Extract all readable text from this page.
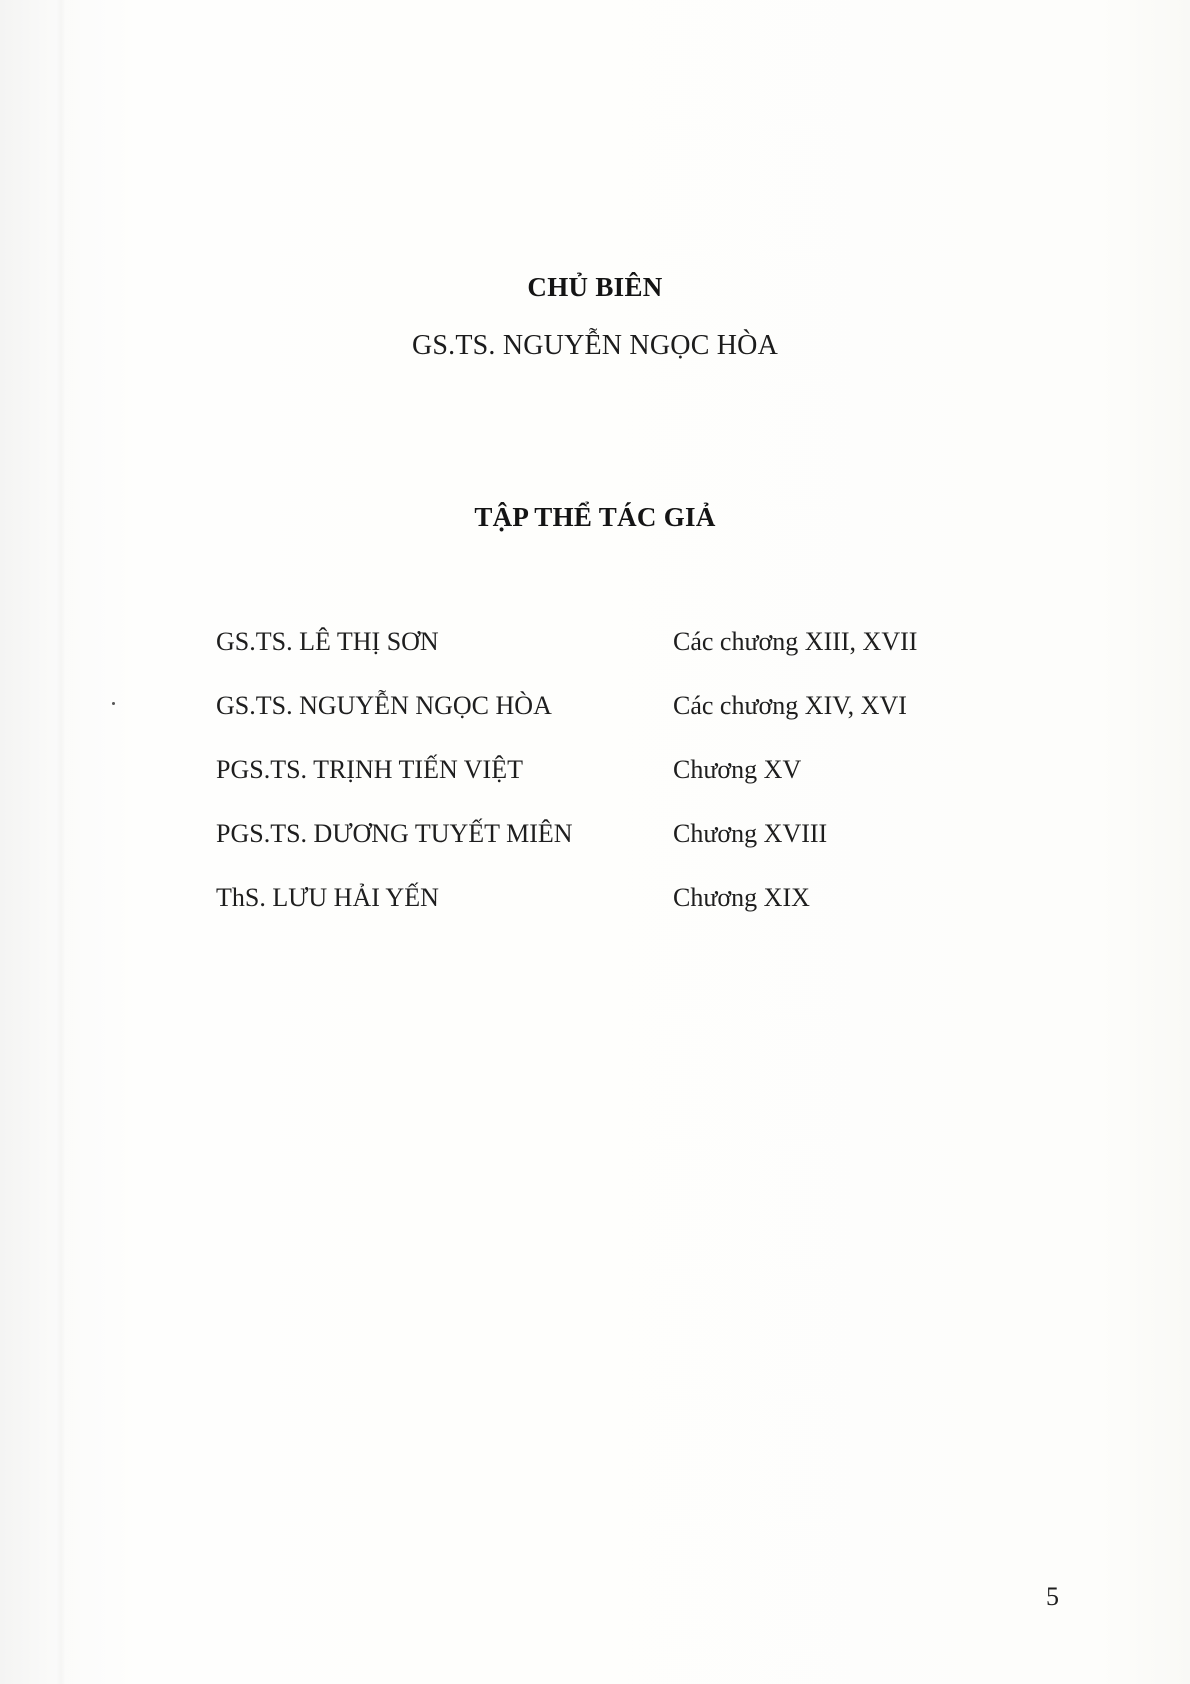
CHỦ BIÊN
GS.TS. NGUYỄN NGỌC HÒA
TẬP THỂ TÁC GIẢ
GS.TS. LÊ THỊ SƠN	Các chương XIII, XVII
GS.TS. NGUYỄN NGỌC HÒA	Các chương XIV, XVI
PGS.TS. TRỊNH TIẾN VIỆT	Chương XV
PGS.TS. DƯƠNG TUYẾT MIÊN	Chương XVIII
ThS. LƯU HẢI YẾN	Chương XIX
5
